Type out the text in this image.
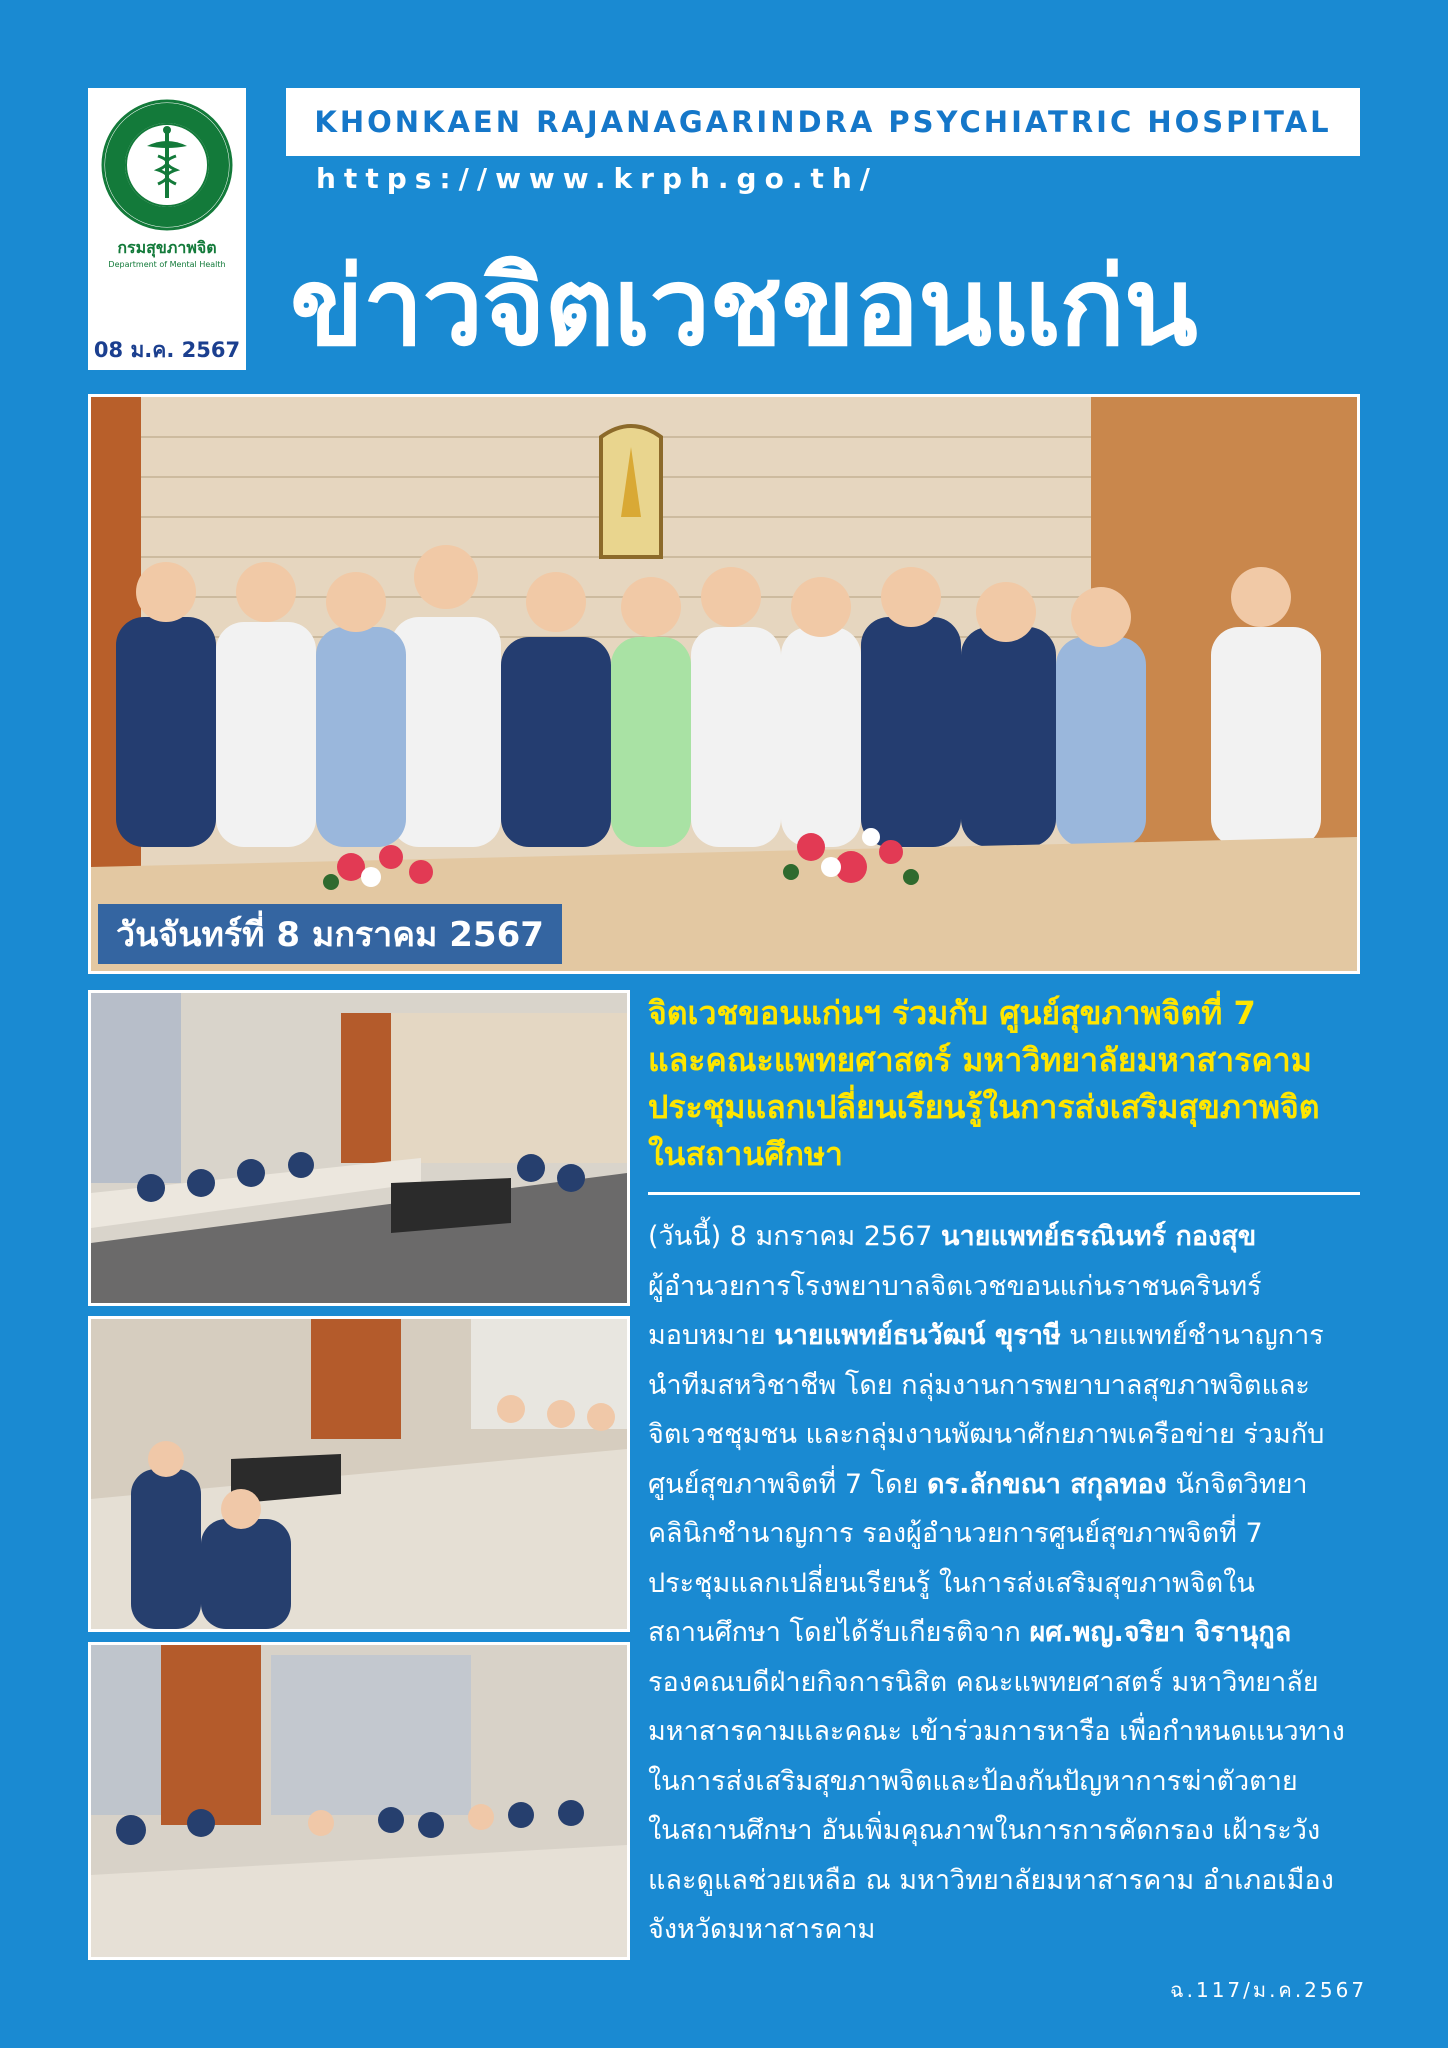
กรมสุขภาพจิต
Department of Mental Health
08 ม.ค. 2567
KHONKAEN RAJANAGARINDRA PSYCHIATRIC HOSPITAL
https://www.krph.go.th/
ข่าวจิตเวชขอนแก่น
วันจันทร์ที่ 8 มกราคม 2567
จิตเวชขอนแก่นฯ ร่วมกับ ศูนย์สุขภาพจิตที่ 7
และคณะแพทยศาสตร์ มหาวิทยาลัยมหาสารคาม
ประชุมแลกเปลี่ยนเรียนรู้ในการส่งเสริมสุขภาพจิต
ในสถานศึกษา
(วันนี้) 8 มกราคม 2567 นายแพทย์ธรณินทร์ กองสุข
ผู้อำนวยการโรงพยาบาลจิตเวชขอนแก่นราชนครินทร์
มอบหมาย นายแพทย์ธนวัฒน์ ขุราษี นายแพทย์ชำนาญการ
นำทีมสหวิชาชีพ โดย กลุ่มงานการพยาบาลสุขภาพจิตและ
จิตเวชชุมชน และกลุ่มงานพัฒนาศักยภาพเครือข่าย ร่วมกับ
ศูนย์สุขภาพจิตที่ 7 โดย ดร.ลักขณา สกุลทอง นักจิตวิทยา
คลินิกชำนาญการ รองผู้อำนวยการศูนย์สุขภาพจิตที่ 7
ประชุมแลกเปลี่ยนเรียนรู้ ในการส่งเสริมสุขภาพจิตใน
สถานศึกษา โดยได้รับเกียรติจาก ผศ.พญ.จริยา จิรานุกูล
รองคณบดีฝ่ายกิจการนิสิต คณะแพทยศาสตร์ มหาวิทยาลัย
มหาสารคามและคณะ เข้าร่วมการหารือ เพื่อกำหนดแนวทาง
ในการส่งเสริมสุขภาพจิตและป้องกันปัญหาการฆ่าตัวตาย
ในสถานศึกษา อันเพิ่มคุณภาพในการการคัดกรอง เฝ้าระวัง
และดูแลช่วยเหลือ ณ มหาวิทยาลัยมหาสารคาม อำเภอเมือง
จังหวัดมหาสารคาม
ฉ.117/ม.ค.2567
